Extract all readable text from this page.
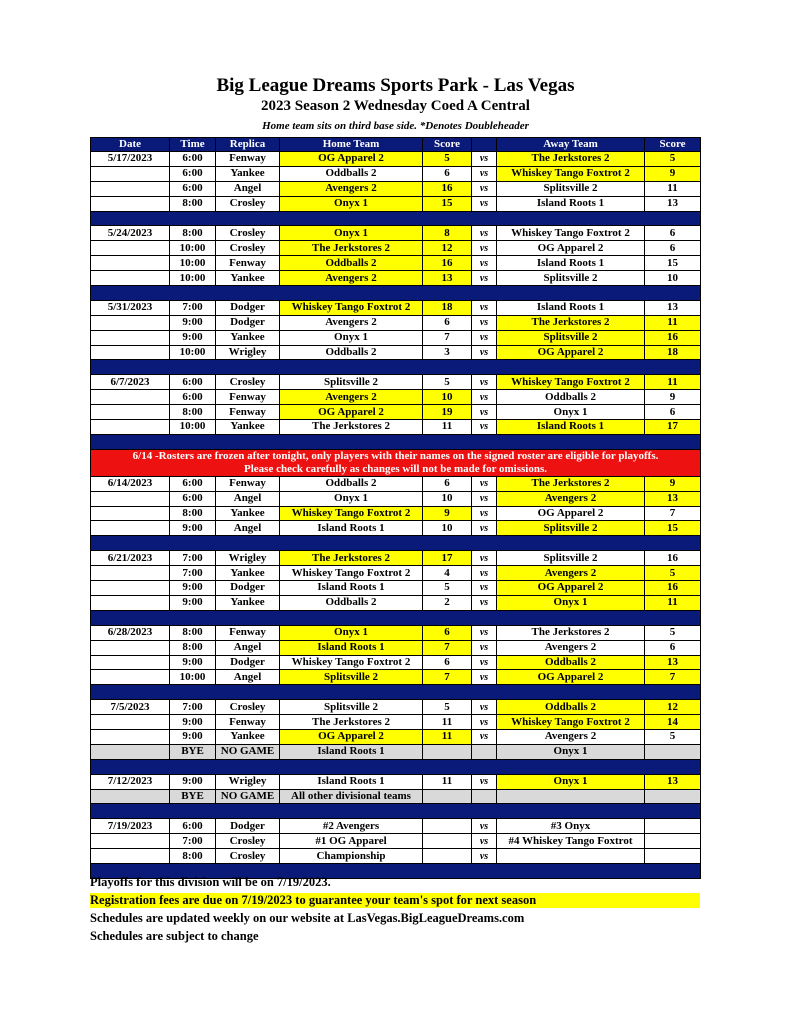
Big League Dreams Sports Park - Las Vegas
2023 Season 2 Wednesday Coed A Central
Home team sits on third base side. *Denotes Doubleheader
Date	Time	Replica	Home Team	Score		Away Team	Score
5/17/2023	6:00	Fenway	OG Apparel 2	5	vs	The Jerkstores 2	5
	6:00	Yankee	Oddballs 2	6	vs	Whiskey Tango Foxtrot 2	9
	6:00	Angel	Avengers 2	16	vs	Splitsville 2	11
	8:00	Crosley	Onyx 1	15	vs	Island Roots 1	13

5/24/2023	8:00	Crosley	Onyx 1	8	vs	Whiskey Tango Foxtrot 2	6
	10:00	Crosley	The Jerkstores 2	12	vs	OG Apparel 2	6
	10:00	Fenway	Oddballs 2	16	vs	Island Roots 1	15
	10:00	Yankee	Avengers 2	13	vs	Splitsville 2	10

5/31/2023	7:00	Dodger	Whiskey Tango Foxtrot 2	18	vs	Island Roots 1	13
	9:00	Dodger	Avengers 2	6	vs	The Jerkstores 2	11
	9:00	Yankee	Onyx 1	7	vs	Splitsville 2	16
	10:00	Wrigley	Oddballs 2	3	vs	OG Apparel 2	18

6/7/2023	6:00	Crosley	Splitsville 2	5	vs	Whiskey Tango Foxtrot 2	11
	6:00	Fenway	Avengers 2	10	vs	Oddballs 2	9
	8:00	Fenway	OG Apparel 2	19	vs	Onyx 1	6
	10:00	Yankee	The Jerkstores 2	11	vs	Island Roots 1	17

6/14 -Rosters are frozen after tonight, only players with their names on the signed roster are eligible for playoffs.
Please check carefully as changes will not be made for omissions.							
6/14/2023	6:00	Fenway	Oddballs 2	6	vs	The Jerkstores 2	9
	6:00	Angel	Onyx 1	10	vs	Avengers 2	13
	8:00	Yankee	Whiskey Tango Foxtrot 2	9	vs	OG Apparel 2	7
	9:00	Angel	Island Roots 1	10	vs	Splitsville 2	15

6/21/2023	7:00	Wrigley	The Jerkstores 2	17	vs	Splitsville 2	16
	7:00	Yankee	Whiskey Tango Foxtrot 2	4	vs	Avengers 2	5
	9:00	Dodger	Island Roots 1	5	vs	OG Apparel 2	16
	9:00	Yankee	Oddballs 2	2	vs	Onyx 1	11

6/28/2023	8:00	Fenway	Onyx 1	6	vs	The Jerkstores 2	5
	8:00	Angel	Island Roots 1	7	vs	Avengers 2	6
	9:00	Dodger	Whiskey Tango Foxtrot 2	6	vs	Oddballs 2	13
	10:00	Angel	Splitsville 2	7	vs	OG Apparel 2	7

7/5/2023	7:00	Crosley	Splitsville 2	5	vs	Oddballs 2	12
	9:00	Fenway	The Jerkstores 2	11	vs	Whiskey Tango Foxtrot 2	14
	9:00	Yankee	OG Apparel 2	11	vs	Avengers 2	5
	BYE	NO GAME	Island Roots 1			Onyx 1	

7/12/2023	9:00	Wrigley	Island Roots 1	11	vs	Onyx 1	13
	BYE	NO GAME	All other divisional teams				

7/19/2023	6:00	Dodger	#2 Avengers		vs	#3 Onyx	
	7:00	Crosley	#1 OG Apparel		vs	#4 Whiskey Tango Foxtrot	
	8:00	Crosley	Championship		vs		

Playoffs for this division will be on 7/19/2023.
Registration fees are due on 7/19/2023 to guarantee your team's spot for next season
Schedules are updated weekly on our website at LasVegas.BigLeagueDreams.com
Schedules are subject to change
